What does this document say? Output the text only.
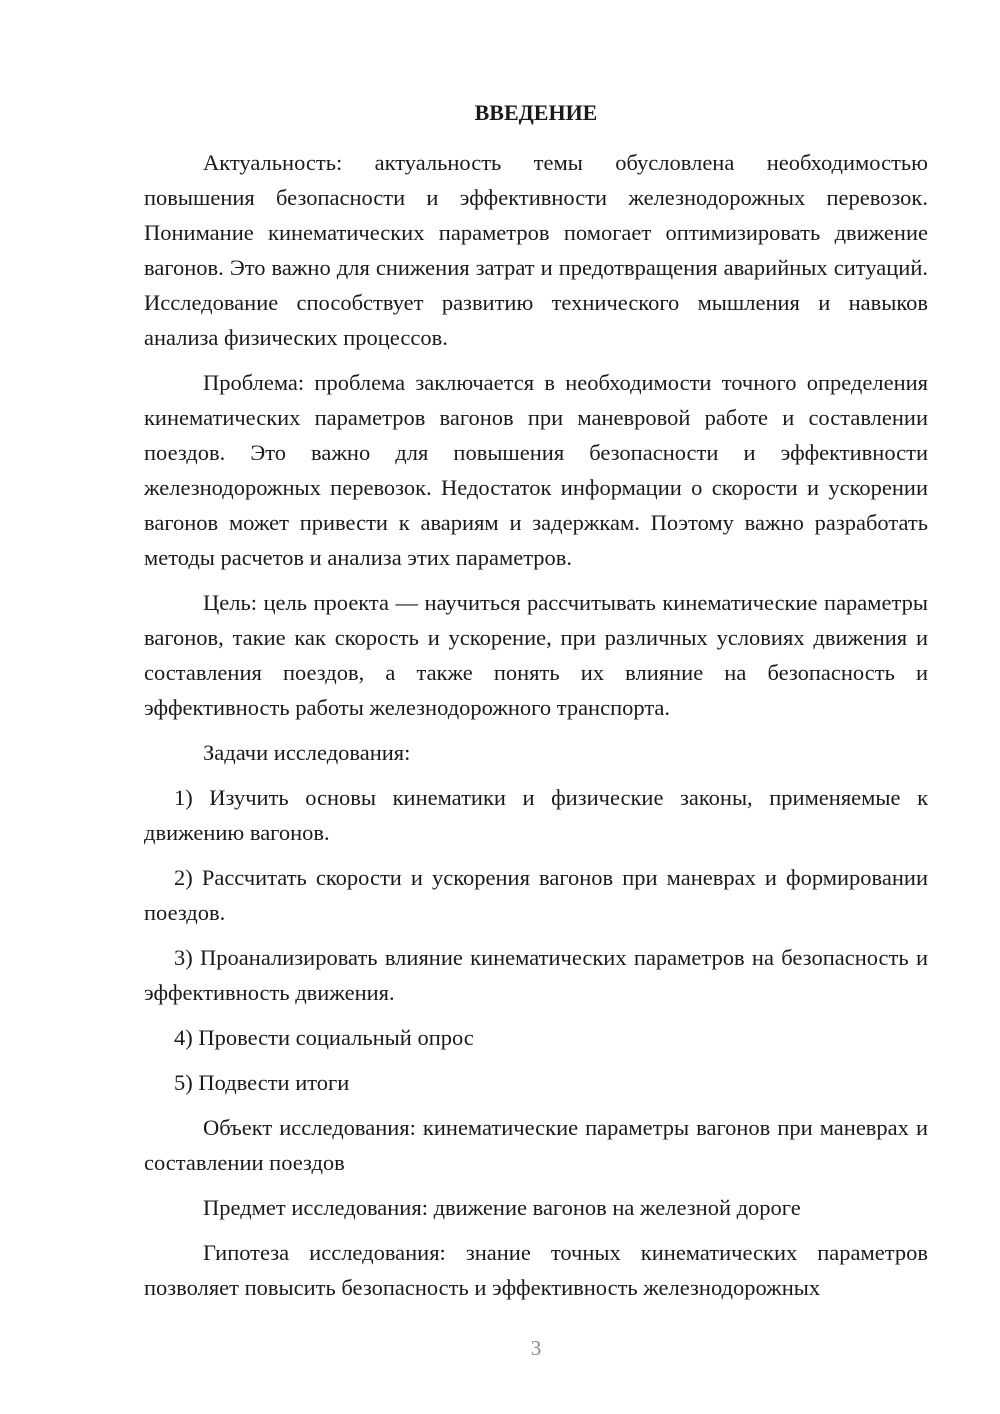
ВВЕДЕНИЕ

Актуальность: актуальность темы обусловлена необходимостью повышения безопасности и эффективности железнодорожных перевозок. Понимание кинематических параметров помогает оптимизировать движение вагонов. Это важно для снижения затрат и предотвращения аварийных ситуаций. Исследование способствует развитию технического мышления и навыков анализа физических процессов.

Проблема: проблема заключается в необходимости точного определения кинематических параметров вагонов при маневровой работе и составлении поездов. Это важно для повышения безопасности и эффективности железнодорожных перевозок. Недостаток информации о скорости и ускорении вагонов может привести к авариям и задержкам. Поэтому важно разработать методы расчетов и анализа этих параметров.

Цель: цель проекта — научиться рассчитывать кинематические параметры вагонов, такие как скорость и ускорение, при различных условиях движения и составления поездов, а также понять их влияние на безопасность и эффективность работы железнодорожного транспорта.

Задачи исследования:

1) Изучить основы кинематики и физические законы, применяемые к движению вагонов.

2) Рассчитать скорости и ускорения вагонов при маневрах и формировании поездов.

3) Проанализировать влияние кинематических параметров на безопасность и эффективность движения.

4) Провести социальный опрос

5) Подвести итоги

Объект исследования: кинематические параметры вагонов при маневрах и составлении поездов

Предмет исследования: движение вагонов на железной дороге

Гипотеза исследования: знание точных кинематических параметров позволяет повысить безопасность и эффективность железнодорожных

3
